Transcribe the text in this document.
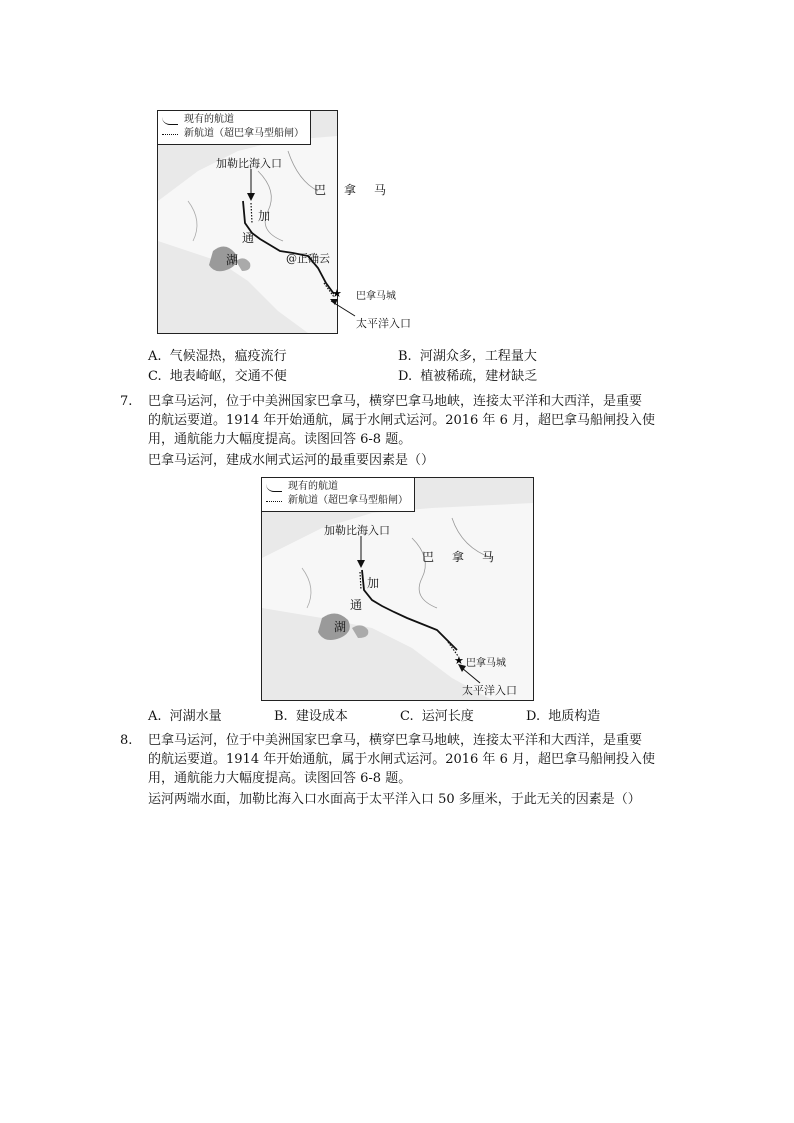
★
现有的航道
新航道（超巴拿马型船闸）
加勒比海入口
巴 拿 马
加
通
湖	@正确云
巴拿马城
太平洋入口
A. 气候湿热，瘟疫流行	B. 河湖众多，工程量大
C. 地表崎岖，交通不便	D. 植被稀疏，建材缺乏
7. 巴拿马运河，位于中美洲国家巴拿马，横穿巴拿马地峡，连接太平洋和大西洋，是重要
的航运要道。1914 年开始通航，属于水闸式运河。2016 年 6 月，超巴拿马船闸投入使
用，通航能力大幅度提高。读图回答 6-8 题。
巴拿马运河，建成水闸式运河的最重要因素是（）
★
现有的航道
新航道（超巴拿马型船闸）
加勒比海入口
巴 拿 马
加
通
湖
巴拿马城
太平洋入口
A. 河湖水量	B. 建设成本	C. 运河长度	D. 地质构造
8. 巴拿马运河，位于中美洲国家巴拿马，横穿巴拿马地峡，连接太平洋和大西洋，是重要
的航运要道。1914 年开始通航，属于水闸式运河。2016 年 6 月，超巴拿马船闸投入使
用，通航能力大幅度提高。读图回答 6-8 题。
运河两端水面，加勒比海入口水面高于太平洋入口 50 多厘米，于此无关的因素是（）
